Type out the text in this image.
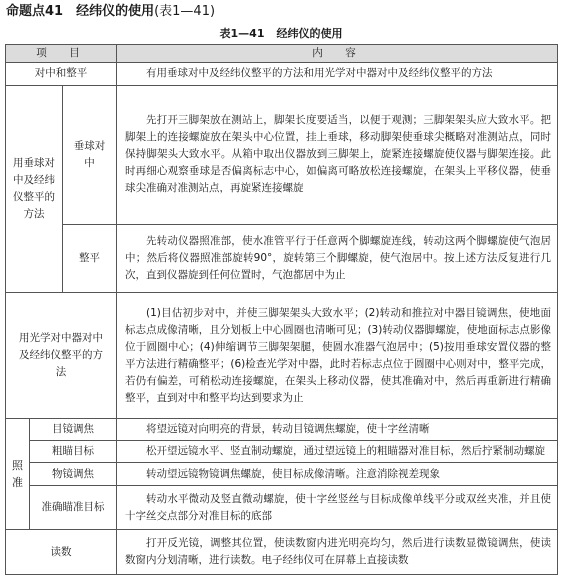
命题点41　经纬仪的使用(表1—41)
表1—41 经纬仪的使用
项　目			内　容
对中和整平			有用垂球对中及经纬仪整平的方法和用光学对中器对中及经纬仪整平的方法
用垂球对中及经纬仪整平的方法		垂球对中	先打开三脚架放在测站上，脚架长度要适当，以便于观测；三脚架架头应大致水平。把脚架上的连接螺旋放在架头中心位置，挂上垂球，移动脚架使垂球尖概略对准测站点，同时保持脚架头大致水平。从箱中取出仪器放到三脚架上，旋紧连接螺旋使仪器与脚架连接。此时再细心观察垂球是否偏离标志中心，如偏离可略放松连接螺旋，在架头上平移仪器，使垂球尖准确对准测站点，再旋紧连接螺旋
		整平	先转动仪器照准部，使水准管平行于任意两个脚螺旋连线，转动这两个脚螺旋使气泡居中；然后将仪器照准部旋转90°，旋转第三个脚螺旋，使气泡居中。按上述方法反复进行几次，直到仪器旋到任何位置时，气泡都居中为止
用光学对中器对中及经纬仪整平的方法			(1)目估初步对中，并使三脚架架头大致水平；(2)转动和推拉对中器目镜调焦，使地面标志点成像清晰，且分划板上中心圆圈也清晰可见；(3)转动仪器脚螺旋，使地面标志点影像位于圆圈中心；(4)伸缩调节三脚架架腿，使圆水准器气泡居中；(5)按用垂球安置仪器的整平方法进行精确整平；(6)检查光学对中器，此时若标志点位于圆圈中心则对中，整平完成，若仍有偏差，可稍松动连接螺旋，在架头上移动仪器，使其准确对中，然后再重新进行精确整平，直到对中和整平均达到要求为止
照准	目镜调焦		将望远镜对向明亮的背景，转动目镜调焦螺旋，使十字丝清晰
	粗瞄目标		松开望远镜水平、竖直制动螺旋，通过望远镜上的粗瞄器对准目标，然后拧紧制动螺旋
	物镜调焦		转动望远镜物镜调焦螺旋，使目标成像清晰。注意消除视差现象
	准确瞄准目标		转动水平微动及竖直微动螺旋，使十字丝竖丝与目标成像单线平分或双丝夹准，并且使十字丝交点部分对准目标的底部
读数			打开反光镜，调整其位置，使读数窗内进光明亮均匀，然后进行读数显微镜调焦，使读数窗内分划清晰，进行读数。电子经纬仪可在屏幕上直接读数
